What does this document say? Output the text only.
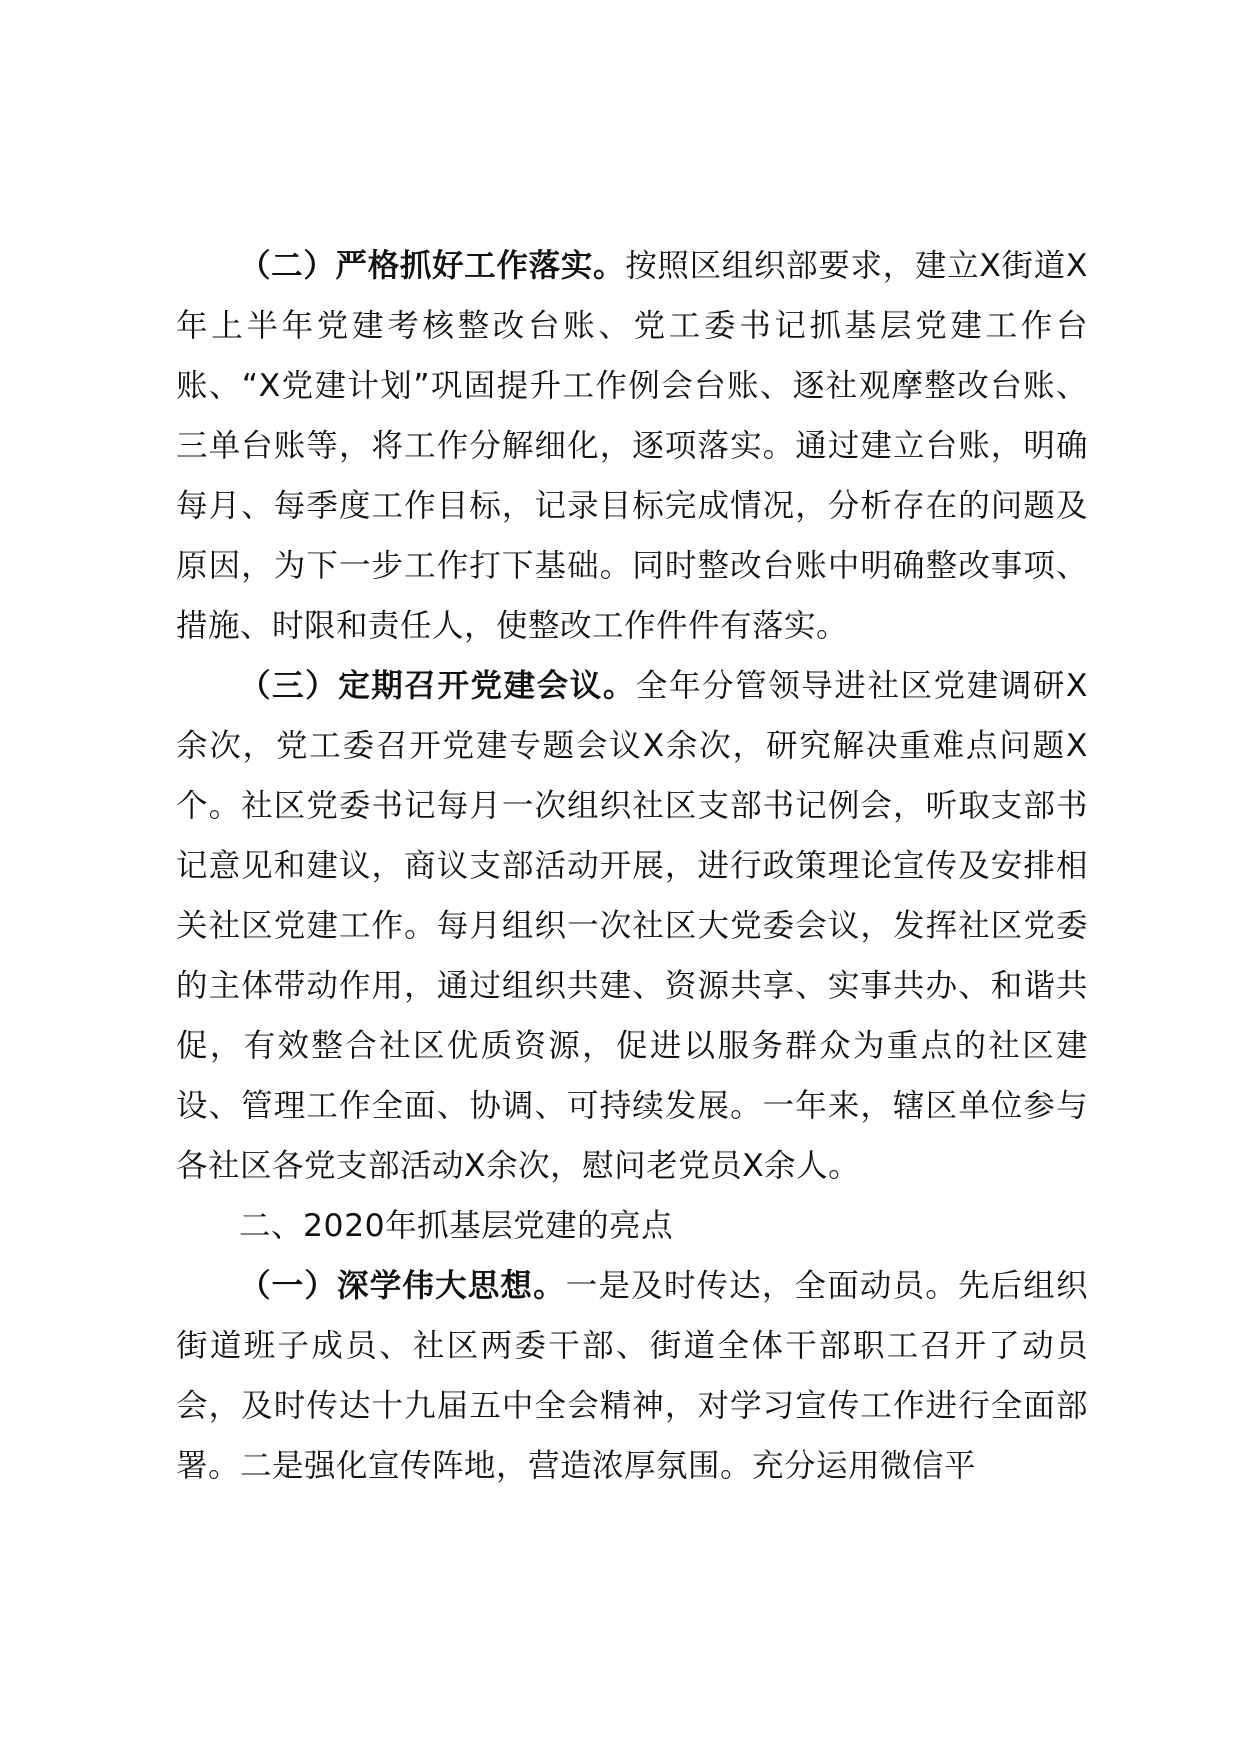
（二）严格抓好工作落实。按照区组织部要求，建立X街道X年上半年党建考核整改台账、党工委书记抓基层党建工作台账、“X党建计划”巩固提升工作例会台账、逐社观摩整改台账、三单台账等，将工作分解细化，逐项落实。通过建立台账，明确每月、每季度工作目标，记录目标完成情况，分析存在的问题及原因，为下一步工作打下基础。同时整改台账中明确整改事项、措施、时限和责任人，使整改工作件件有落实。

（三）定期召开党建会议。全年分管领导进社区党建调研X余次，党工委召开党建专题会议X余次，研究解决重难点问题X个。社区党委书记每月一次组织社区支部书记例会，听取支部书记意见和建议，商议支部活动开展，进行政策理论宣传及安排相关社区党建工作。每月组织一次社区大党委会议，发挥社区党委的主体带动作用，通过组织共建、资源共享、实事共办、和谐共促，有效整合社区优质资源，促进以服务群众为重点的社区建设、管理工作全面、协调、可持续发展。一年来，辖区单位参与各社区各党支部活动X余次，慰问老党员X余人。

二、2020年抓基层党建的亮点

（一）深学伟大思想。一是及时传达，全面动员。先后组织街道班子成员、社区两委干部、街道全体干部职工召开了动员会，及时传达十九届五中全会精神，对学习宣传工作进行全面部署。二是强化宣传阵地，营造浓厚氛围。充分运用微信平
